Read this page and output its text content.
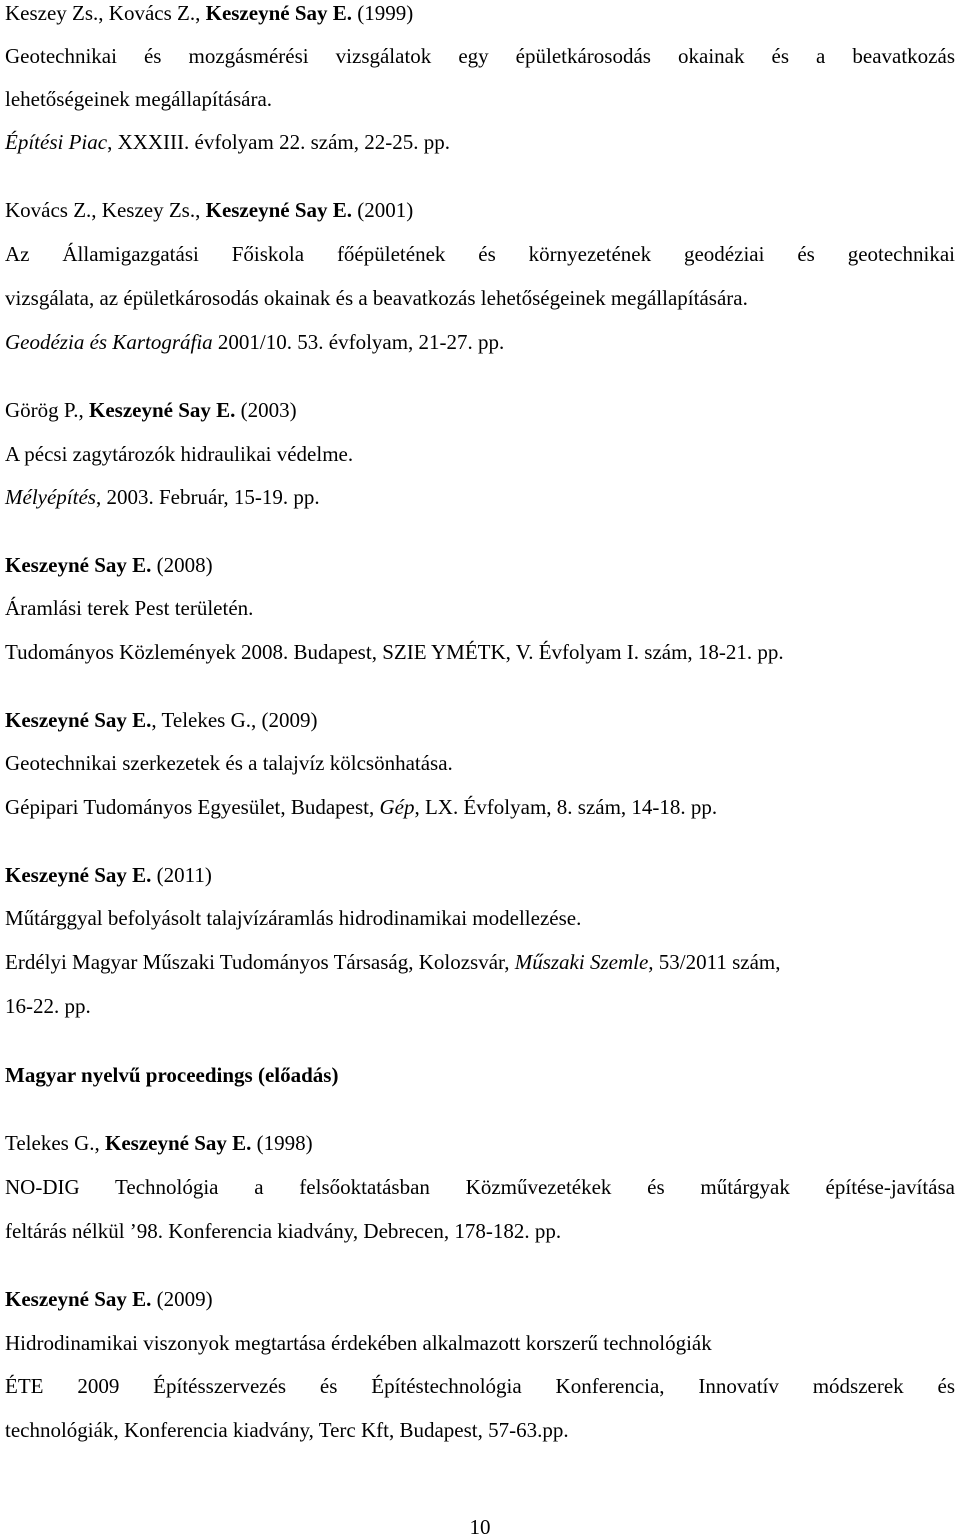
Keszey Zs., Kovács Z., Keszeyné Say E. (1999)
Geotechnikai és mozgásmérési vizsgálatok egy épületkárosodás okainak és a beavatkozás
lehetőségeinek megállapítására.
Építési Piac, XXXIII. évfolyam 22. szám, 22-25. pp.
Kovács Z., Keszey Zs., Keszeyné Say E. (2001)
Az Államigazgatási Főiskola főépületének és környezetének geodéziai és geotechnikai
vizsgálata, az épületkárosodás okainak és a beavatkozás lehetőségeinek megállapítására.
Geodézia és Kartográfia 2001/10. 53. évfolyam, 21-27. pp.
Görög P., Keszeyné Say E. (2003)
A pécsi zagytározók hidraulikai védelme.
Mélyépítés, 2003. Február, 15-19. pp.
Keszeyné Say E. (2008)
Áramlási terek Pest területén.
Tudományos Közlemények 2008. Budapest, SZIE YMÉTK, V. Évfolyam I. szám, 18-21. pp.
Keszeyné Say E., Telekes G., (2009)
Geotechnikai szerkezetek és a talajvíz kölcsönhatása.
Gépipari Tudományos Egyesület, Budapest, Gép, LX. Évfolyam, 8. szám, 14-18. pp.
Keszeyné Say E. (2011)
Műtárggyal befolyásolt talajvízáramlás hidrodinamikai modellezése.
Erdélyi Magyar Műszaki Tudományos Társaság, Kolozsvár, Műszaki Szemle, 53/2011 szám,
16-22. pp.
Magyar nyelvű proceedings (előadás)
Telekes G., Keszeyné Say E. (1998)
NO-DIG Technológia a felsőoktatásban Közművezetékek és műtárgyak építése-javítása
feltárás nélkül ’98. Konferencia kiadvány, Debrecen, 178-182. pp.
Keszeyné Say E. (2009)
Hidrodinamikai viszonyok megtartása érdekében alkalmazott korszerű technológiák
ÉTE 2009 Építésszervezés és Építéstechnológia Konferencia, Innovatív módszerek és
technológiák, Konferencia kiadvány, Terc Kft, Budapest, 57-63.pp.
10
